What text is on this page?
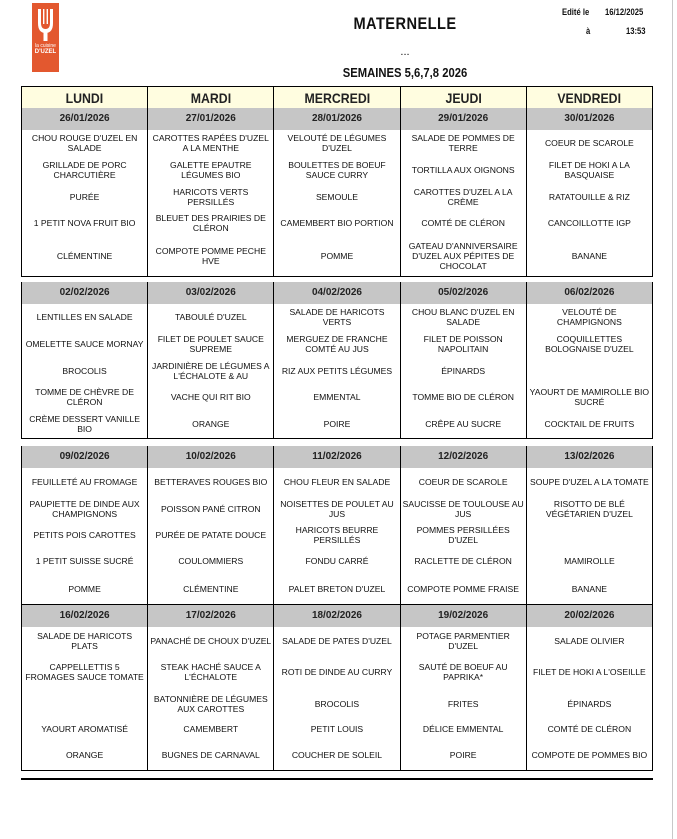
la cuisine
D'UZEL
MATERNELLE
...
SEMAINES 5,6,7,8 2026
Edité le 16/12/2025
à	13:53
LUNDI	MARDI	MERCREDI	JEUDI	VENDREDI
26/01/2026	27/01/2026	28/01/2026	29/01/2026	30/01/2026
CHOU ROUGE D'UZEL EN SALADE	CAROTTES RAPÉES D'UZEL A LA MENTHE	VELOUTÉ DE LÉGUMES D'UZEL	SALADE DE POMMES DE TERRE	COEUR DE SCAROLE
GRILLADE DE PORC CHARCUTIÈRE	GALETTE EPAUTRE LÉGUMES BIO	BOULETTES DE BOEUF SAUCE CURRY	TORTILLA AUX OIGNONS	FILET DE HOKI A LA BASQUAISE
PURÉE	HARICOTS VERTS PERSILLÉS	SEMOULE	CAROTTES D'UZEL A LA CRÈME	RATATOUILLE & RIZ
1 PETIT NOVA FRUIT BIO	BLEUET DES PRAIRIES DE CLÉRON	CAMEMBERT BIO PORTION	COMTÉ DE CLÉRON	CANCOILLOTTE IGP
CLÉMENTINE	COMPOTE POMME PECHE HVE	POMME	GATEAU D'ANNIVERSAIRE D'UZEL AUX PÉPITES DE CHOCOLAT	BANANE
02/02/2026	03/02/2026	04/02/2026	05/02/2026	06/02/2026
LENTILLES EN SALADE	TABOULÉ D'UZEL	SALADE DE HARICOTS VERTS	CHOU BLANC D'UZEL EN SALADE	VELOUTÉ DE CHAMPIGNONS
OMELETTE SAUCE MORNAY	FILET DE POULET SAUCE SUPREME	MERGUEZ DE FRANCHE COMTÉ AU JUS	FILET DE POISSON NAPOLITAIN	COQUILLETTES BOLOGNAISE D'UZEL
BROCOLIS	JARDINIÈRE DE LÉGUMES A L'ÉCHALOTE & AU	RIZ AUX PETITS LÉGUMES	ÉPINARDS	
TOMME DE CHÈVRE DE CLÉRON	VACHE QUI RIT BIO	EMMENTAL	TOMME BIO DE CLÉRON	YAOURT DE MAMIROLLE BIO SUCRÉ
CRÈME DESSERT VANILLE BIO	ORANGE	POIRE	CRÊPE AU SUCRE	COCKTAIL DE FRUITS
09/02/2026	10/02/2026	11/02/2026	12/02/2026	13/02/2026
FEUILLETÉ AU FROMAGE	BETTERAVES ROUGES BIO	CHOU FLEUR EN SALADE	COEUR DE SCAROLE	SOUPE D'UZEL A LA TOMATE
PAUPIETTE DE DINDE AUX CHAMPIGNONS	POISSON PANÉ CITRON	NOISETTES DE POULET AU JUS	SAUCISSE DE TOULOUSE AU JUS	RISOTTO DE BLÉ VÉGÉTARIEN D'UZEL
PETITS POIS CAROTTES	PURÉE DE PATATE DOUCE	HARICOTS BEURRE PERSILLÉS	POMMES PERSILLÉES D'UZEL	
1 PETIT SUISSE SUCRÉ	COULOMMIERS	FONDU CARRÉ	RACLETTE DE CLÉRON	MAMIROLLE
POMME	CLÉMENTINE	PALET BRETON D'UZEL	COMPOTE POMME FRAISE	BANANE
16/02/2026	17/02/2026	18/02/2026	19/02/2026	20/02/2026
SALADE DE HARICOTS PLATS	PANACHÉ DE CHOUX D'UZEL	SALADE DE PATES D'UZEL	POTAGE PARMENTIER D'UZEL	SALADE OLIVIER
CAPPELLETTIS 5 FROMAGES SAUCE TOMATE	STEAK HACHÉ SAUCE A L'ÉCHALOTE	ROTI DE DINDE AU CURRY	SAUTÉ DE BOEUF AU PAPRIKA*	FILET DE HOKI A L'OSEILLE
	BATONNIÈRE DE LÉGUMES AUX CAROTTES	BROCOLIS	FRITES	ÉPINARDS
YAOURT AROMATISÉ	CAMEMBERT	PETIT LOUIS	DÉLICE EMMENTAL	COMTÉ DE CLÉRON
ORANGE	BUGNES DE CARNAVAL	COUCHER DE SOLEIL	POIRE	COMPOTE DE POMMES BIO
